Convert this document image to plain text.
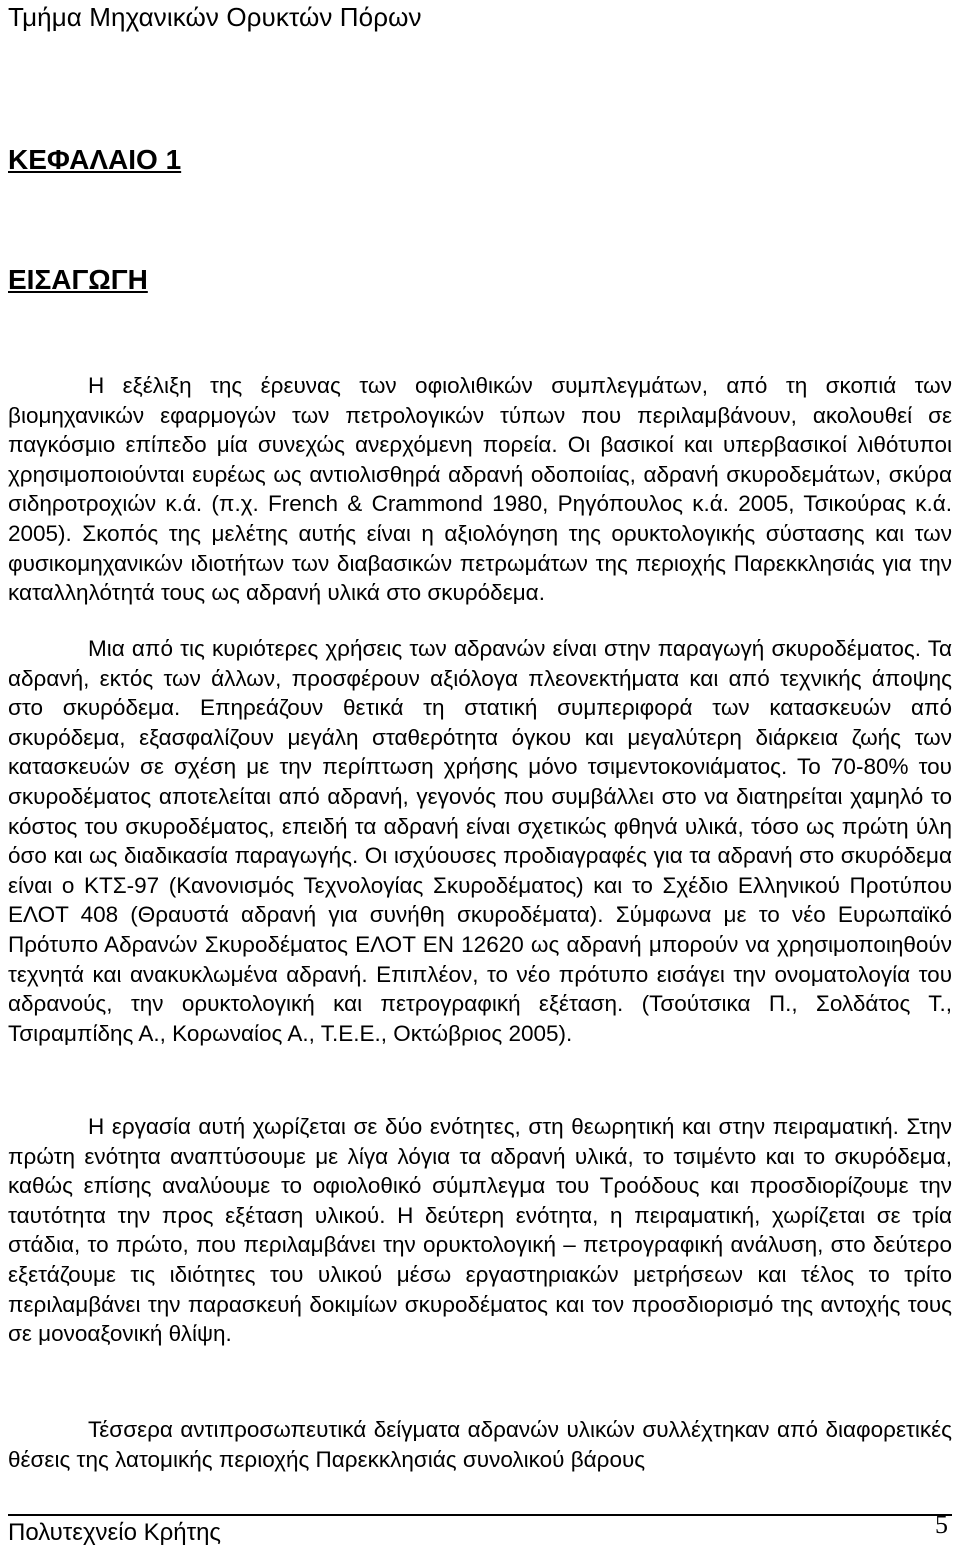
Τμήμα Μηχανικών Ορυκτών Πόρων
ΚΕΦΑΛΑΙΟ 1
ΕΙΣΑΓΩΓΗ

Η εξέλιξη της έρευνας των οφιολιθικών συμπλεγμάτων, από τη σκοπιά των βιομηχανικών εφαρμογών των πετρολογικών τύπων που περιλαμβάνουν, ακολουθεί σε παγκόσμιο επίπεδο μία συνεχώς ανερχόμενη πορεία. Οι βασικοί και υπερβασικοί λιθότυποι χρησιμοποιούνται ευρέως ως αντιολισθηρά αδρανή οδοποιίας, αδρανή σκυροδεμάτων, σκύρα σιδηροτροχιών κ.ά. (π.χ. French & Crammond 1980, Ρηγόπουλος κ.ά. 2005, Τσικούρας κ.ά. 2005). Σκοπός της μελέτης αυτής είναι η αξιολόγηση της ορυκτολογικής σύστασης και των φυσικομηχανικών ιδιοτήτων των διαβασικών πετρωμάτων της περιοχής Παρεκκλησιάς για την καταλληλότητά τους ως αδρανή υλικά στο σκυρόδεμα.

Μια από τις κυριότερες χρήσεις των αδρανών είναι στην παραγωγή σκυροδέματος. Τα αδρανή, εκτός των άλλων, προσφέρουν αξιόλογα πλεονεκτήματα και από τεχνικής άποψης στο σκυρόδεμα. Επηρεάζουν θετικά τη στατική συμπεριφορά των κατασκευών από σκυρόδεμα, εξασφαλίζουν μεγάλη σταθερότητα όγκου και μεγαλύτερη διάρκεια ζωής των κατασκευών σε σχέση με την περίπτωση χρήσης μόνο τσιμεντοκονιάματος. Το 70-80% του σκυροδέματος αποτελείται από αδρανή, γεγονός που συμβάλλει στο να διατηρείται χαμηλό το κόστος του σκυροδέματος, επειδή τα αδρανή είναι σχετικώς φθηνά υλικά, τόσο ως πρώτη ύλη όσο και ως διαδικασία παραγωγής. Οι ισχύουσες προδιαγραφές για τα αδρανή στο σκυρόδεμα είναι ο ΚΤΣ-97 (Κανονισμός Τεχνολογίας Σκυροδέματος) και το Σχέδιο Ελληνικού Προτύπου ΕΛΟΤ 408 (Θραυστά αδρανή για συνήθη σκυροδέματα). Σύμφωνα με το νέο Ευρωπαϊκό Πρότυπο Αδρανών Σκυροδέματος ΕΛΟΤ ΕΝ 12620 ως αδρανή μπορούν να χρησιμοποιηθούν τεχνητά και ανακυκλωμένα αδρανή. Επιπλέον, το νέο πρότυπο εισάγει την ονοματολογία του αδρανούς, την ορυκτολογική και πετρογραφική εξέταση. (Τσούτσικα Π., Σολδάτος Τ., Τσιραμπίδης Α., Κορωναίος Α., Τ.Ε.Ε., Οκτώβριος 2005).

Η εργασία αυτή χωρίζεται σε δύο ενότητες, στη θεωρητική και στην πειραματική. Στην πρώτη ενότητα αναπτύσουμε με λίγα λόγια τα αδρανή υλικά, το τσιμέντο και το σκυρόδεμα, καθώς επίσης αναλύουμε το οφιολοθικό σύμπλεγμα του Τροόδους και προσδιορίζουμε την ταυτότητα την προς εξέταση υλικού. Η δεύτερη ενότητα, η πειραματική, χωρίζεται σε τρία στάδια, το πρώτο, που περιλαμβάνει την ορυκτολογική – πετρογραφική ανάλυση, στο δεύτερο εξετάζουμε τις ιδιότητες του υλικού μέσω εργαστηριακών μετρήσεων και τέλος το τρίτο περιλαμβάνει την παρασκευή δοκιμίων σκυροδέματος και τον προσδιορισμό της αντοχής τους σε μονοαξονική θλίψη.

Τέσσερα αντιπροσωπευτικά δείγματα αδρανών υλικών συλλέχτηκαν από διαφορετικές θέσεις της λατομικής περιοχής Παρεκκλησιάς συνολικού βάρους

Πολυτεχνείο Κρήτης	5
